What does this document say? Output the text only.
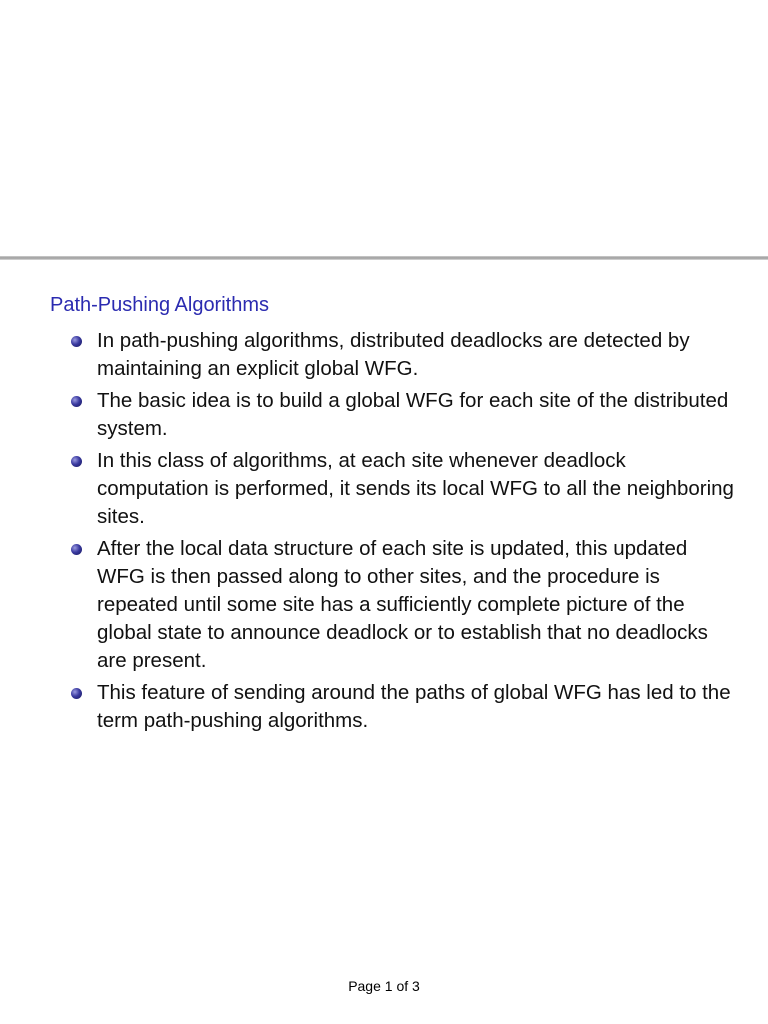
Path-Pushing Algorithms
In path-pushing algorithms, distributed deadlocks are detected by maintaining an explicit global WFG.
The basic idea is to build a global WFG for each site of the distributed system.
In this class of algorithms, at each site whenever deadlock computation is performed, it sends its local WFG to all the neighboring sites.
After the local data structure of each site is updated, this updated WFG is then passed along to other sites, and the procedure is repeated until some site has a sufficiently complete picture of the global state to announce deadlock or to establish that no deadlocks are present.
This feature of sending around the paths of global WFG has led to the term path-pushing algorithms.
Page 1 of 3
